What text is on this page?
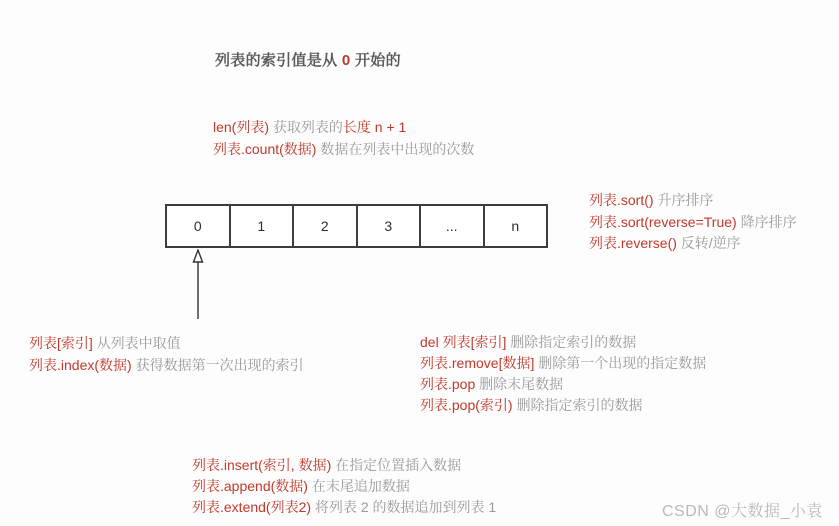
列表的索引值是从 0 开始的
len(列表) 获取列表的长度 n + 1
列表.count(数据) 数据在列表中出现的次数
0	1	2	3	...	n
列表.sort() 升序排序
列表.sort(reverse=True) 降序排序
列表.reverse() 反转/逆序
列表[索引] 从列表中取值
列表.index(数据) 获得数据第一次出现的索引
del 列表[索引] 删除指定索引的数据
列表.remove[数据] 删除第一个出现的指定数据
列表.pop 删除末尾数据
列表.pop(索引) 删除指定索引的数据
列表.insert(索引, 数据) 在指定位置插入数据
列表.append(数据) 在末尾追加数据
列表.extend(列表2) 将列表 2 的数据追加到列表 1	CSDN @大数据_小袁
